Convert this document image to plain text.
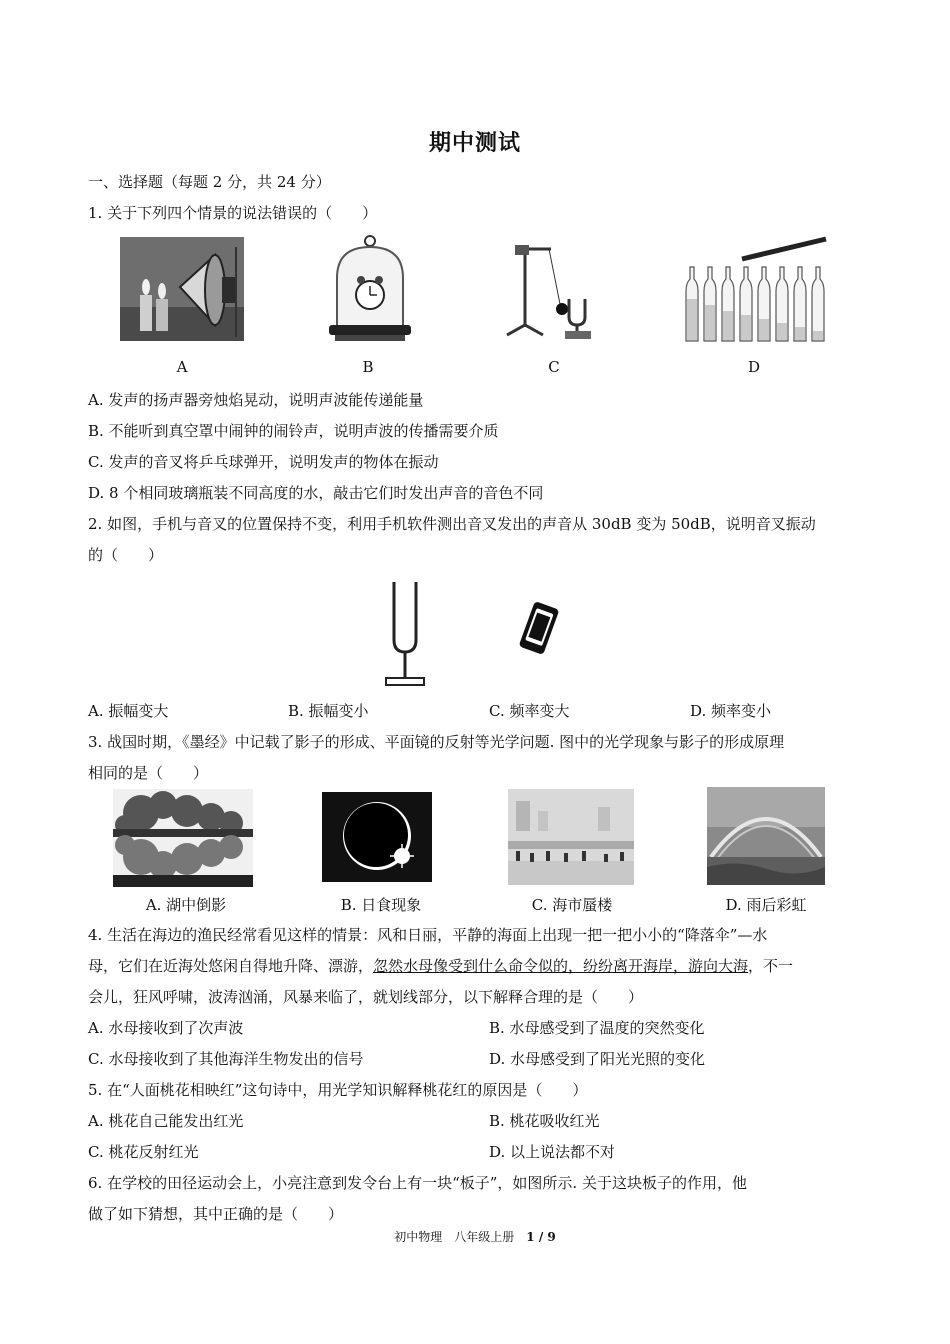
期中测试
一、选择题（每题 2 分，共 24 分）
1. 关于下列四个情景的说法错误的（　　）
A	B	C	D
A. 发声的扬声器旁烛焰晃动，说明声波能传递能量
B. 不能听到真空罩中闹钟的闹铃声，说明声波的传播需要介质
C. 发声的音叉将乒乓球弹开，说明发声的物体在振动
D. 8 个相同玻璃瓶装不同高度的水，敲击它们时发出声音的音色不同
2. 如图，手机与音叉的位置保持不变，利用手机软件测出音叉发出的声音从 30dB 变为 50dB，说明音叉振动
的（　　）
A. 振幅变大	B. 振幅变小	C. 频率变大	D. 频率变小
3. 战国时期，《墨经》中记载了影子的形成、平面镜的反射等光学问题. 图中的光学现象与影子的形成原理
相同的是（　　）
A. 湖中倒影	B. 日食现象	C. 海市蜃楼	D. 雨后彩虹
4. 生活在海边的渔民经常看见这样的情景：风和日丽，平静的海面上出现一把一把小小的“降落伞”—水
母，它们在近海处悠闲自得地升降、漂游，忽然水母像受到什么命令似的，纷纷离开海岸，游向大海，不一
会儿，狂风呼啸，波涛汹涌，风暴来临了，就划线部分，以下解释合理的是（　　）
A. 水母接收到了次声波	B. 水母感受到了温度的突然变化
C. 水母接收到了其他海洋生物发出的信号	D. 水母感受到了阳光光照的变化
5. 在“人面桃花相映红”这句诗中，用光学知识解释桃花红的原因是（　　）
A. 桃花自己能发出红光	B. 桃花吸收红光
C. 桃花反射红光	D. 以上说法都不对
6. 在学校的田径运动会上，小亮注意到发令台上有一块“板子”，如图所示. 关于这块板子的作用，他
做了如下猜想，其中正确的是（　　）
初中物理　八年级上册　 1 / 9
